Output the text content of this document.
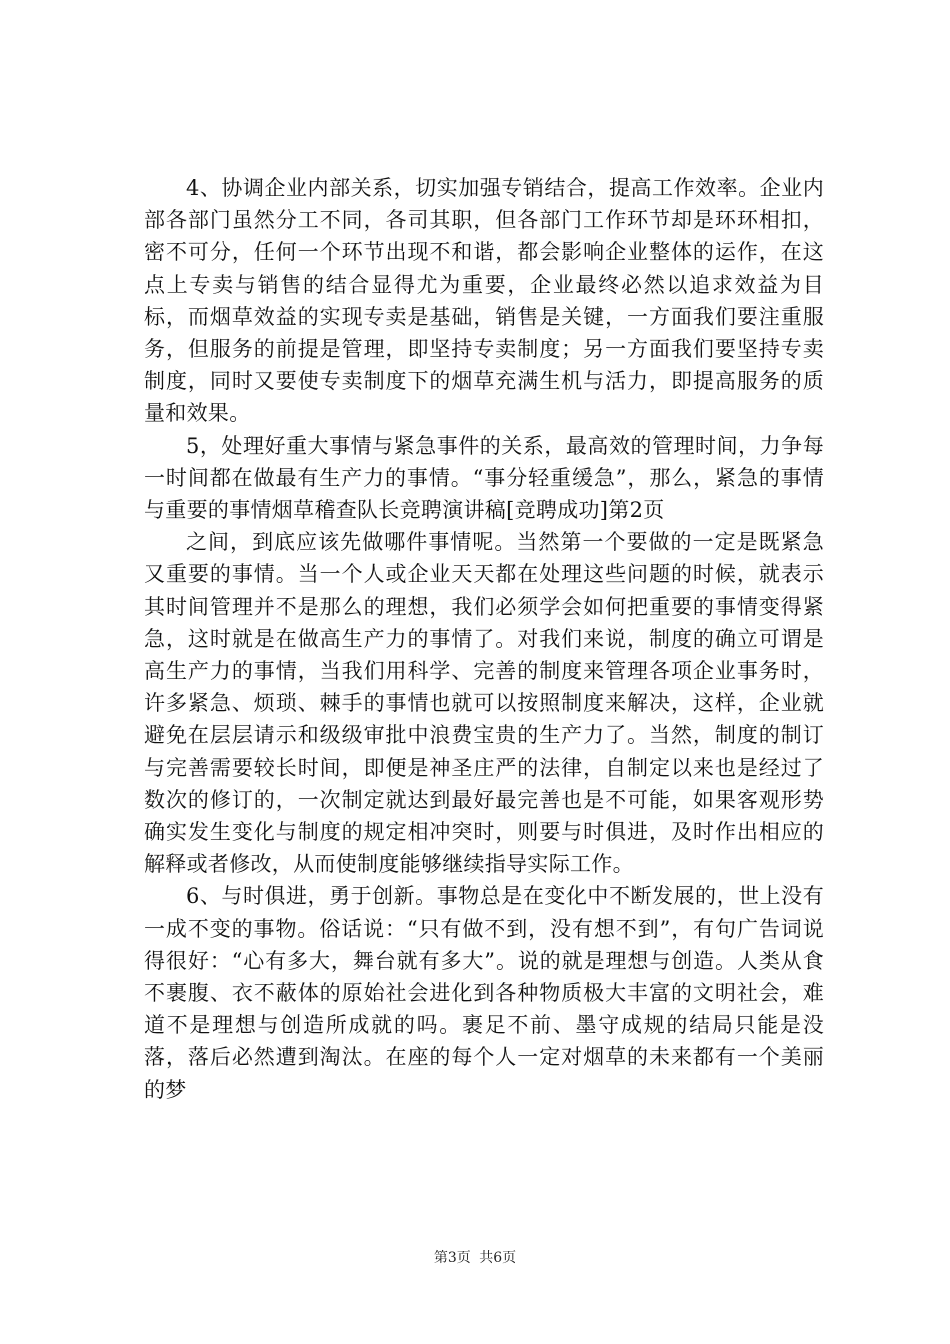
4、协调企业内部关系，切实加强专销结合，提高工作效率。企业内部各部门虽然分工不同，各司其职，但各部门工作环节却是环环相扣，密不可分，任何一个环节出现不和谐，都会影响企业整体的运作，在这点上专卖与销售的结合显得尤为重要，企业最终必然以追求效益为目标，而烟草效益的实现专卖是基础，销售是关键，一方面我们要注重服务，但服务的前提是管理，即坚持专卖制度；另一方面我们要坚持专卖制度，同时又要使专卖制度下的烟草充满生机与活力，即提高服务的质量和效果。

5，处理好重大事情与紧急事件的关系，最高效的管理时间，力争每一时间都在做最有生产力的事情。“事分轻重缓急”，那么，紧急的事情与重要的事情烟草稽查队长竞聘演讲稿[竞聘成功]第2页

之间，到底应该先做哪件事情呢。当然第一个要做的一定是既紧急又重要的事情。当一个人或企业天天都在处理这些问题的时候，就表示其时间管理并不是那么的理想，我们必须学会如何把重要的事情变得紧急，这时就是在做高生产力的事情了。对我们来说，制度的确立可谓是高生产力的事情，当我们用科学、完善的制度来管理各项企业事务时，许多紧急、烦琐、棘手的事情也就可以按照制度来解决，这样，企业就避免在层层请示和级级审批中浪费宝贵的生产力了。当然，制度的制订与完善需要较长时间，即便是神圣庄严的法律，自制定以来也是经过了数次的修订的，一次制定就达到最好最完善也是不可能，如果客观形势确实发生变化与制度的规定相冲突时，则要与时俱进，及时作出相应的解释或者修改，从而使制度能够继续指导实际工作。

6、与时俱进，勇于创新。事物总是在变化中不断发展的，世上没有一成不变的事物。俗话说：“只有做不到，没有想不到”，有句广告词说得很好：“心有多大，舞台就有多大”。说的就是理想与创造。人类从食不裹腹、衣不蔽体的原始社会进化到各种物质极大丰富的文明社会，难道不是理想与创造所成就的吗。裹足不前、墨守成规的结局只能是没落，落后必然遭到淘汰。在座的每个人一定对烟草的未来都有一个美丽的梦

第3页 共6页
